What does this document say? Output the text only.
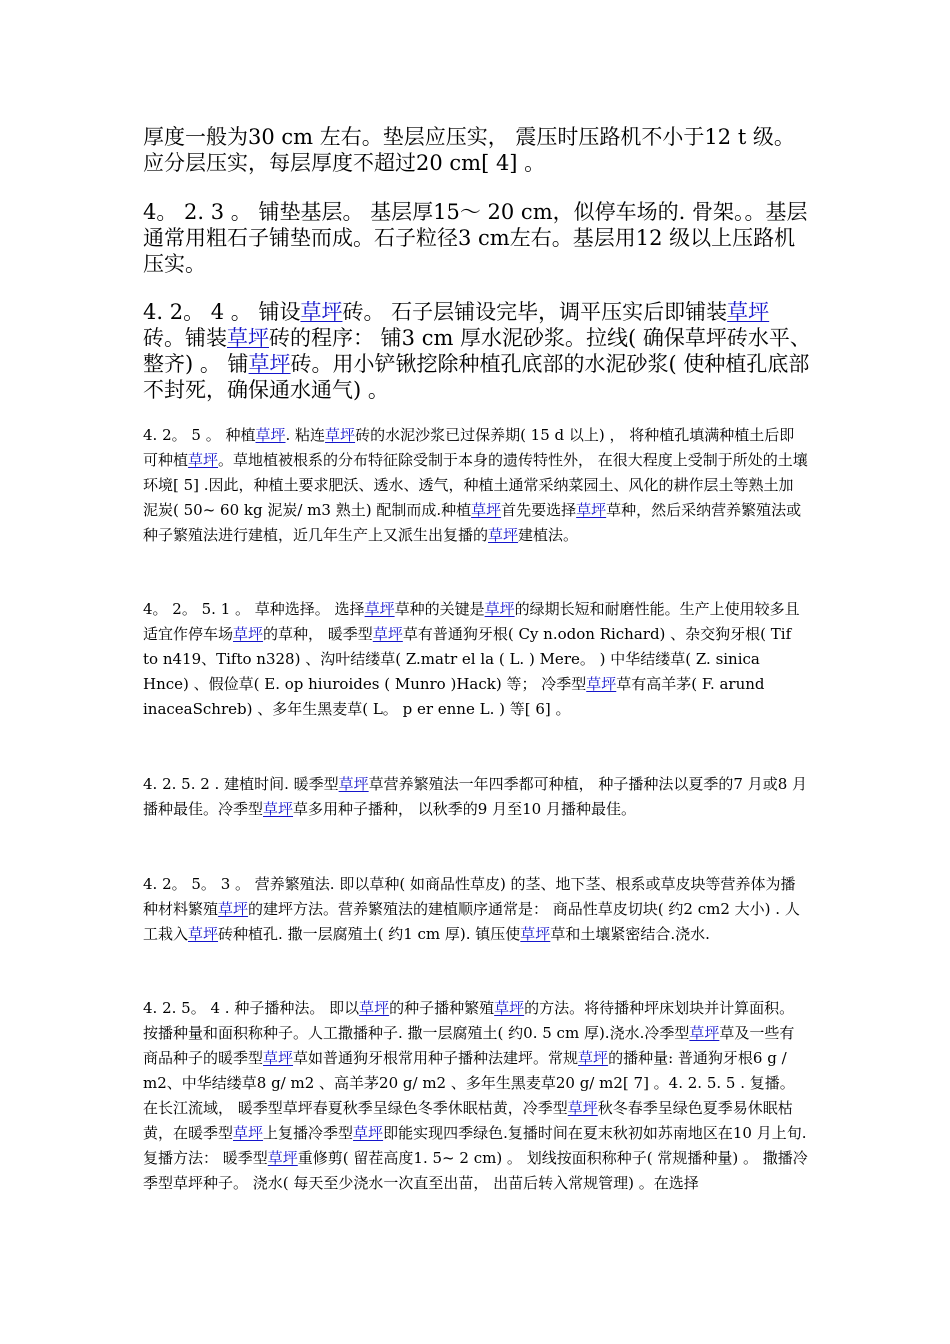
厚度一般为30 cm 左右。垫层应压实， 震压时压路机不小于12 t 级。应分层压实，每层厚度不超过20 cm[ 4] 。

4。 2. 3 。 铺垫基层。 基层厚15～ 20 cm，似停车场的. 骨架。。基层通常用粗石子铺垫而成。石子粒径3 cm左右。基层用12 级以上压路机压实。

4. 2。 4 。 铺设草坪砖。 石子层铺设完毕，调平压实后即铺装草坪砖。铺装草坪砖的程序： 铺3 cm 厚水泥砂浆。拉线( 确保草坪砖水平、整齐) 。 铺草坪砖。用小铲锹挖除种植孔底部的水泥砂浆( 使种植孔底部不封死，确保通水通气) 。

4. 2。 5 。 种植草坪. 粘连草坪砖的水泥沙浆已过保养期( 15 d 以上) ， 将种植孔填满种植土后即可种植草坪。草地植被根系的分布特征除受制于本身的遗传特性外， 在很大程度上受制于所处的土壤环境[ 5] .因此，种植土要求肥沃、透水、透气，种植土通常采纳菜园土、风化的耕作层土等熟土加泥炭( 50~ 60 kg 泥炭/ m3 熟土) 配制而成.种植草坪首先要选择草坪草种，然后采纳营养繁殖法或种子繁殖法进行建植，近几年生产上又派生出复播的草坪建植法。

4。 2。 5. 1 。 草种选择。 选择草坪草种的关键是草坪的绿期长短和耐磨性能。生产上使用较多且适宜作停车场草坪的草种， 暖季型草坪草有普通狗牙根( Cy n.odon Richard) 、杂交狗牙根( Tif to n419、Tifto n328) 、沟叶结缕草( Z.matr el la ( L. ) Mere。 ) 中华结缕草( Z. sinica Hnce) 、假俭草( E. op hiuroides ( Munro )Hack) 等； 冷季型草坪草有高羊茅( F. arund inaceaSchreb) 、多年生黑麦草( L。 p er enne L. ) 等[ 6] 。

4. 2. 5. 2 . 建植时间. 暖季型草坪草营养繁殖法一年四季都可种植， 种子播种法以夏季的7 月或8 月播种最佳。冷季型草坪草多用种子播种， 以秋季的9 月至10 月播种最佳。

4. 2。 5。 3 。 营养繁殖法. 即以草种( 如商品性草皮) 的茎、地下茎、根系或草皮块等营养体为播种材料繁殖草坪的建坪方法。营养繁殖法的建植顺序通常是： 商品性草皮切块( 约2 cm2 大小) . 人工栽入草坪砖种植孔. 撒一层腐殖土( 约1 cm 厚). 镇压使草坪草和土壤紧密结合.浇水.

4. 2. 5。 4 . 种子播种法。 即以草坪的种子播种繁殖草坪的方法。将待播种坪床划块并计算面积。 按播种量和面积称种子。人工撒播种子. 撒一层腐殖土( 约0. 5 cm 厚).浇水.冷季型草坪草及一些有商品种子的暖季型草坪草如普通狗牙根常用种子播种法建坪。常规草坪的播种量: 普通狗牙根6 g / m2、中华结缕草8 g/ m2 、高羊茅20 g/ m2 、多年生黑麦草20 g/ m2[ 7] 。4. 2. 5. 5 . 复播。 在长江流域， 暖季型草坪春夏秋季呈绿色冬季休眠枯黄，冷季型草坪秋冬春季呈绿色夏季易休眠枯黄，在暖季型草坪上复播冷季型草坪即能实现四季绿色.复播时间在夏末秋初如苏南地区在10 月上旬.复播方法： 暖季型草坪重修剪( 留茬高度1. 5~ 2 cm) 。 划线按面积称种子( 常规播种量) 。 撒播冷季型草坪种子。 浇水( 每天至少浇水一次直至出苗， 出苗后转入常规管理) 。在选择
